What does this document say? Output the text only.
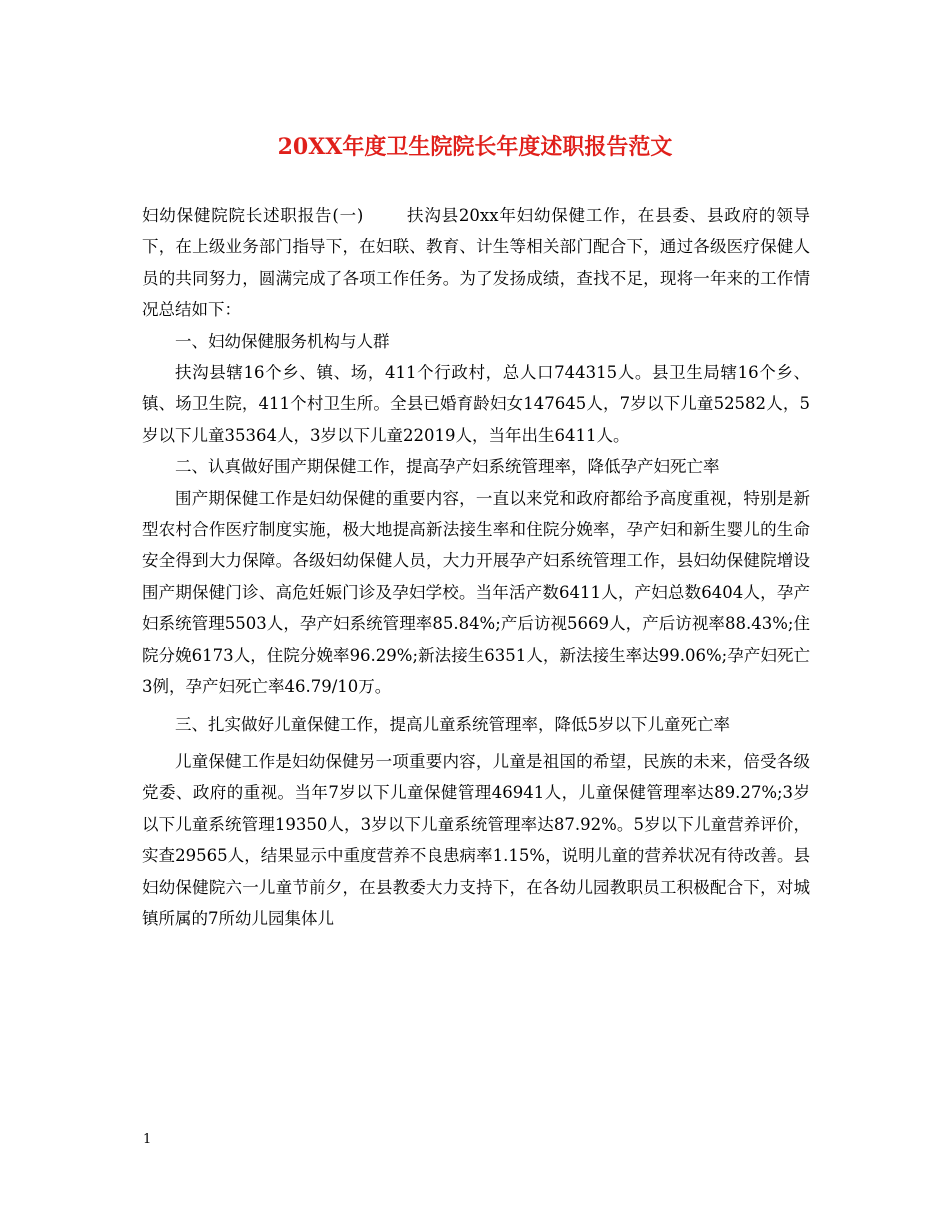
20XX年度卫生院院长年度述职报告范文

妇幼保健院院长述职报告(一)	扶沟县20xx年妇幼保健工作，在县委、县政府的领导下，在上级业务部门指导下，在妇联、教育、计生等相关部门配合下，通过各级医疗保健人员的共同努力，圆满完成了各项工作任务。为了发扬成绩，查找不足，现将一年来的工作情况总结如下：

一、妇幼保健服务机构与人群

扶沟县辖16个乡、镇、场，411个行政村，总人口744315人。县卫生局辖16个乡、镇、场卫生院，411个村卫生所。全县已婚育龄妇女147645人，7岁以下儿童52582人，5岁以下儿童35364人，3岁以下儿童22019人，当年出生6411人。

二、认真做好围产期保健工作，提高孕产妇系统管理率，降低孕产妇死亡率

围产期保健工作是妇幼保健的重要内容，一直以来党和政府都给予高度重视，特别是新型农村合作医疗制度实施，极大地提高新法接生率和住院分娩率，孕产妇和新生婴儿的生命安全得到大力保障。各级妇幼保健人员，大力开展孕产妇系统管理工作，县妇幼保健院增设围产期保健门诊、高危妊娠门诊及孕妇学校。当年活产数6411人，产妇总数6404人，孕产妇系统管理5503人，孕产妇系统管理率85.84%;产后访视5669人，产后访视率88.43%;住院分娩6173人，住院分娩率96.29%;新法接生6351人，新法接生率达99.06%;孕产妇死亡3例，孕产妇死亡率46.79/10万。

三、扎实做好儿童保健工作，提高儿童系统管理率，降低5岁以下儿童死亡率

儿童保健工作是妇幼保健另一项重要内容，儿童是祖国的希望，民族的未来，倍受各级党委、政府的重视。当年7岁以下儿童保健管理46941人，儿童保健管理率达89.27%;3岁以下儿童系统管理19350人，3岁以下儿童系统管理率达87.92%。5岁以下儿童营养评价，实查29565人，结果显示中重度营养不良患病率1.15%，说明儿童的营养状况有待改善。县妇幼保健院六一儿童节前夕，在县教委大力支持下，在各幼儿园教职员工积极配合下，对城镇所属的7所幼儿园集体儿

1
